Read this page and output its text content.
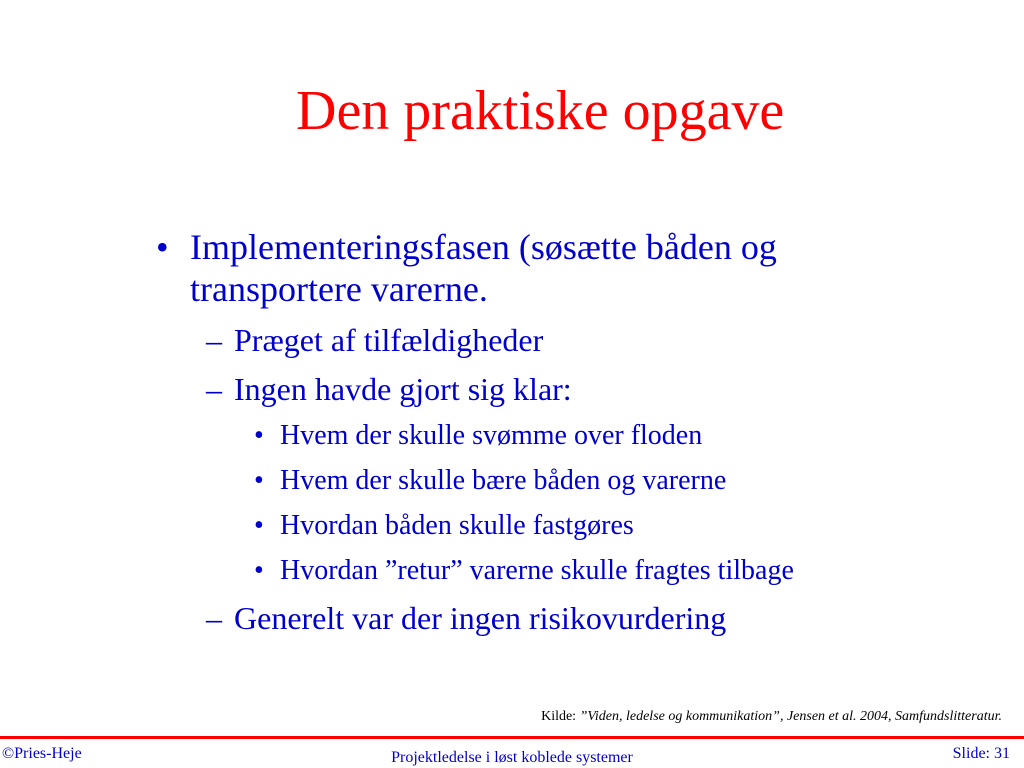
Den praktiske opgave
• Implementeringsfasen (søsætte båden og
transportere varerne.
– Præget af tilfældigheder
– Ingen havde gjort sig klar:
• Hvem der skulle svømme over floden
• Hvem der skulle bære båden og varerne
• Hvordan båden skulle fastgøres
• Hvordan ”retur” varerne skulle fragtes tilbage
– Generelt var der ingen risikovurdering
Kilde: ”Viden, ledelse og kommunikation”, Jensen et al. 2004, Samfundslitteratur.
©Pries-Heje	Projektledelse i løst koblede systemer	Slide: 31
